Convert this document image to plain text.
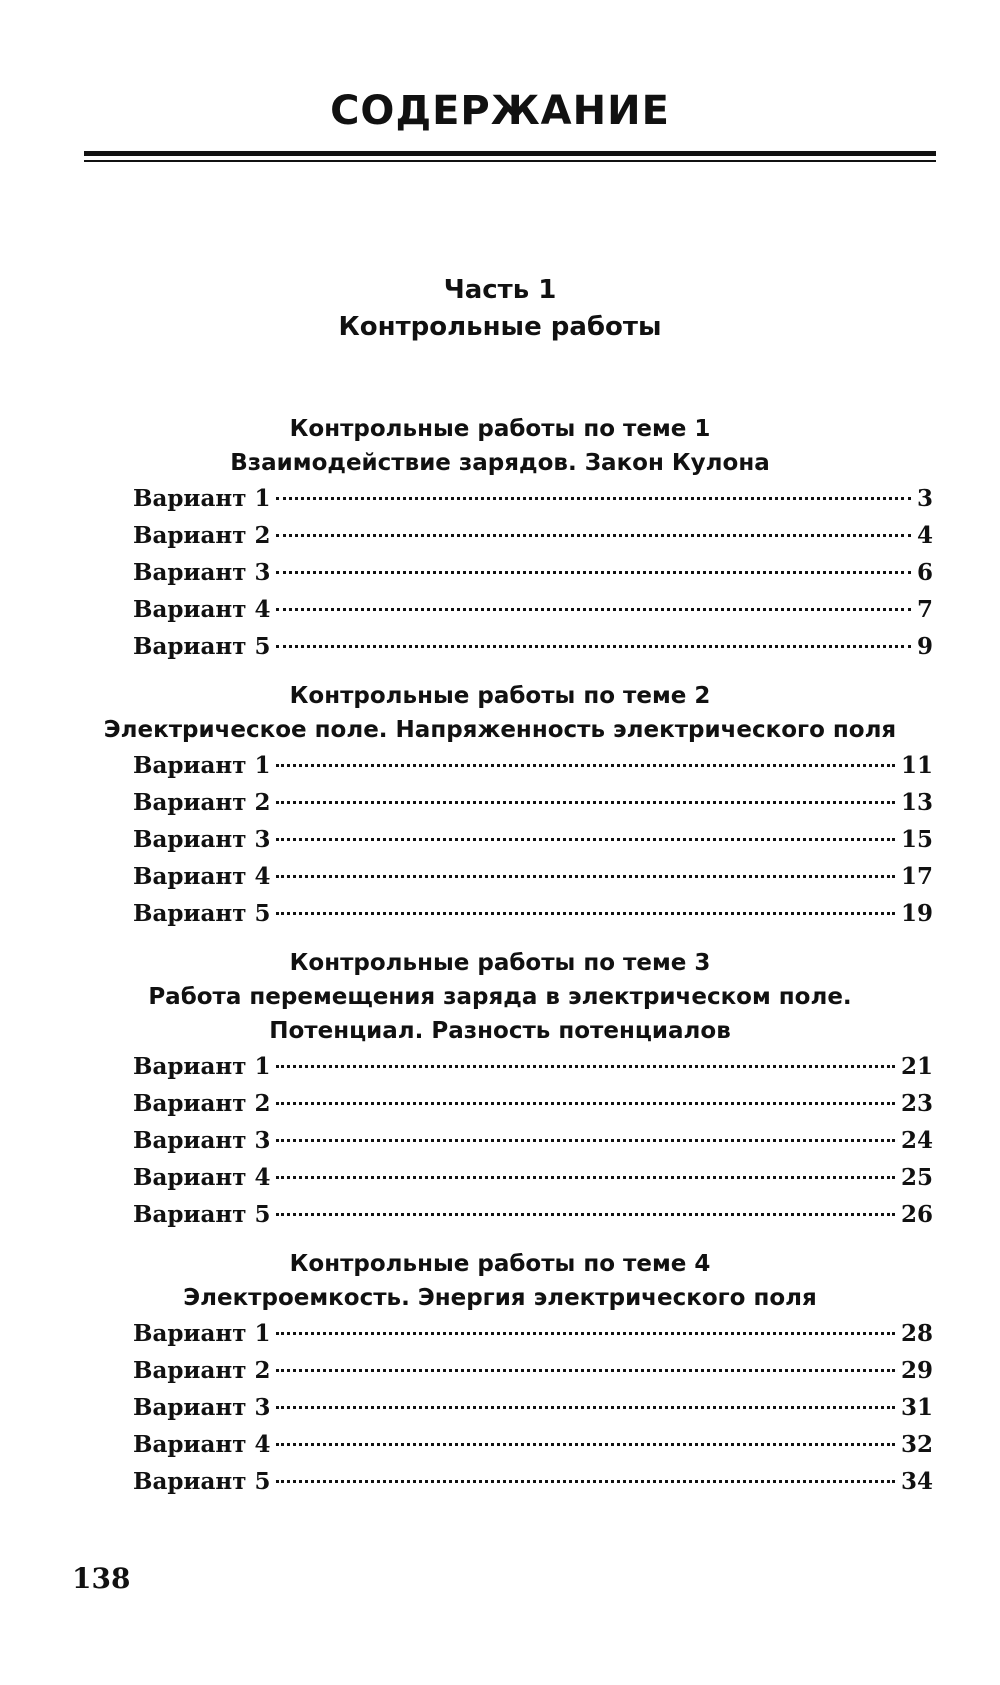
СОДЕРЖАНИЕ
Часть 1
Контрольные работы
Контрольные работы по теме 1
Взаимодействие зарядов. Закон Кулона
Вариант 1	3
Вариант 2	4
Вариант 3	6
Вариант 4	7
Вариант 5	9
Контрольные работы по теме 2
Электрическое поле. Напряженность электрического поля
Вариант 1	11
Вариант 2	13
Вариант 3	15
Вариант 4	17
Вариант 5	19
Контрольные работы по теме 3
Работа перемещения заряда в электрическом поле.
Потенциал. Разность потенциалов
Вариант 1	21
Вариант 2	23
Вариант 3	24
Вариант 4	25
Вариант 5	26
Контрольные работы по теме 4
Электроемкость. Энергия электрического поля
Вариант 1	28
Вариант 2	29
Вариант 3	31
Вариант 4	32
Вариант 5	34
138
